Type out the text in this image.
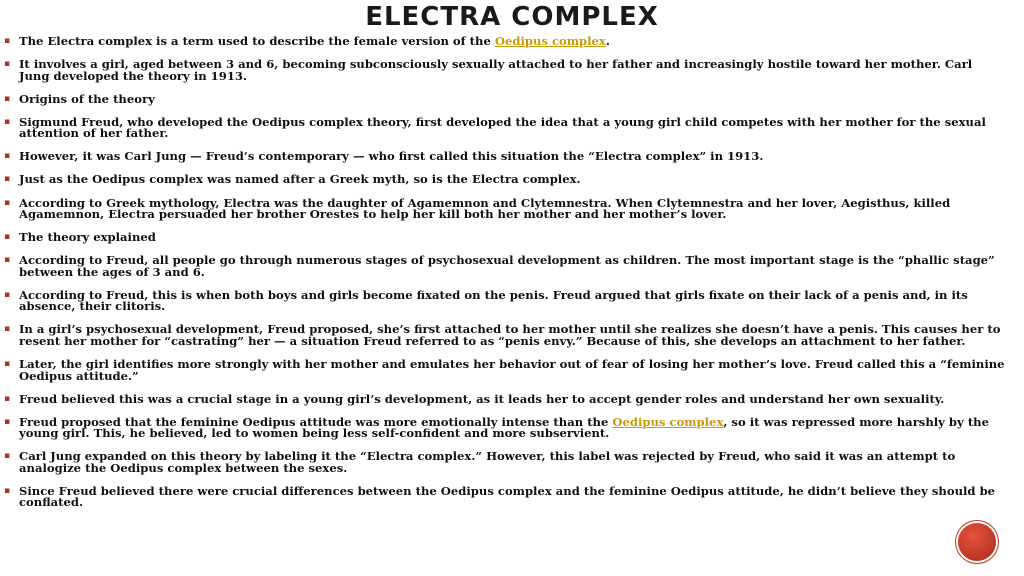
ELECTRA COMPLEX
▪ The Electra complex is a term used to describe the female version of the Oedipus complex.
▪ It involves a girl, aged between 3 and 6, becoming subconsciously sexually attached to her father and increasingly hostile toward her mother. Carl Jung developed the theory in 1913.
▪ Origins of the theory
▪ Sigmund Freud, who developed the Oedipus complex theory, first developed the idea that a young girl child competes with her mother for the sexual attention of her father.
▪ However, it was Carl Jung — Freud’s contemporary — who first called this situation the “Electra complex” in 1913.
▪ Just as the Oedipus complex was named after a Greek myth, so is the Electra complex.
▪ According to Greek mythology, Electra was the daughter of Agamemnon and Clytemnestra. When Clytemnestra and her lover, Aegisthus, killed Agamemnon, Electra persuaded her brother Orestes to help her kill both her mother and her mother’s lover.
▪ The theory explained
▪ According to Freud, all people go through numerous stages of psychosexual development as children. The most important stage is the “phallic stage” between the ages of 3 and 6.
▪ According to Freud, this is when both boys and girls become fixated on the penis. Freud argued that girls fixate on their lack of a penis and, in its absence, their clitoris.
▪ In a girl’s psychosexual development, Freud proposed, she’s first attached to her mother until she realizes she doesn’t have a penis. This causes her to resent her mother for “castrating” her — a situation Freud referred to as “penis envy.” Because of this, she develops an attachment to her father.
▪ Later, the girl identifies more strongly with her mother and emulates her behavior out of fear of losing her mother’s love. Freud called this a “feminine Oedipus attitude.”
▪ Freud believed this was a crucial stage in a young girl’s development, as it leads her to accept gender roles and understand her own sexuality.
▪ Freud proposed that the feminine Oedipus attitude was more emotionally intense than the Oedipus complex, so it was repressed more harshly by the young girl. This, he believed, led to women being less self-confident and more subservient.
▪ Carl Jung expanded on this theory by labeling it the “Electra complex.” However, this label was rejected by Freud, who said it was an attempt to analogize the Oedipus complex between the sexes.
▪ Since Freud believed there were crucial differences between the Oedipus complex and the feminine Oedipus attitude, he didn’t believe they should be conflated.
